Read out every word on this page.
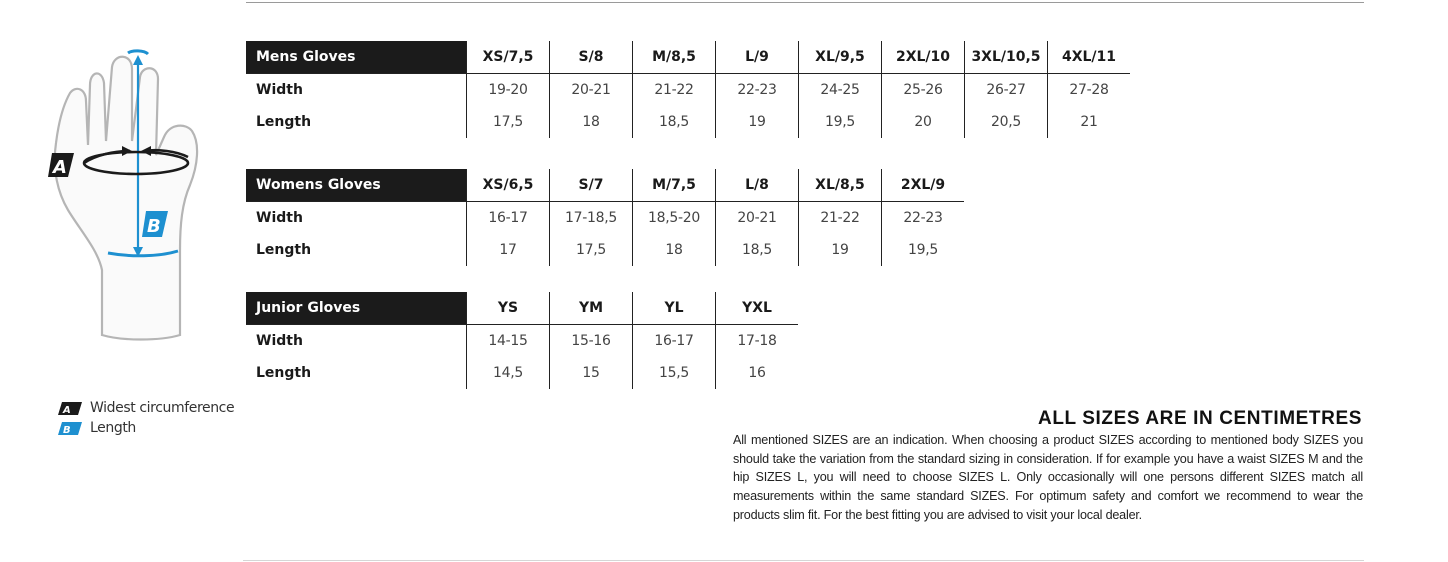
A
B
A Widest circumference
B Length
Mens Gloves	XS/7,5	S/8	M/8,5	L/9	XL/9,5	2XL/10	3XL/10,5	4XL/11
Width	19-20	20-21	21-22	22-23	24-25	25-26	26-27	27-28
Length	17,5	18	18,5	19	19,5	20	20,5	21
Womens Gloves	XS/6,5	S/7	M/7,5	L/8	XL/8,5	2XL/9
Width	16-17	17-18,5	18,5-20	20-21	21-22	22-23
Length	17	17,5	18	18,5	19	19,5
Junior Gloves	YS	YM	YL	YXL
Width	14-15	15-16	16-17	17-18
Length	14,5	15	15,5	16
ALL SIZES ARE IN CENTIMETRES
All mentioned SIZES are an indication. When choosing a product SIZES according to mentioned body SIZES you should take the variation from the standard sizing in consideration. If for example you have a waist SIZES M and the hip SIZES L, you will need to choose SIZES L. Only occasionally will one persons different SIZES match all measurements within the same standard SIZES. For optimum safety and comfort we recommend to wear the products slim fit. For the best fitting you are advised to visit your local dealer.
